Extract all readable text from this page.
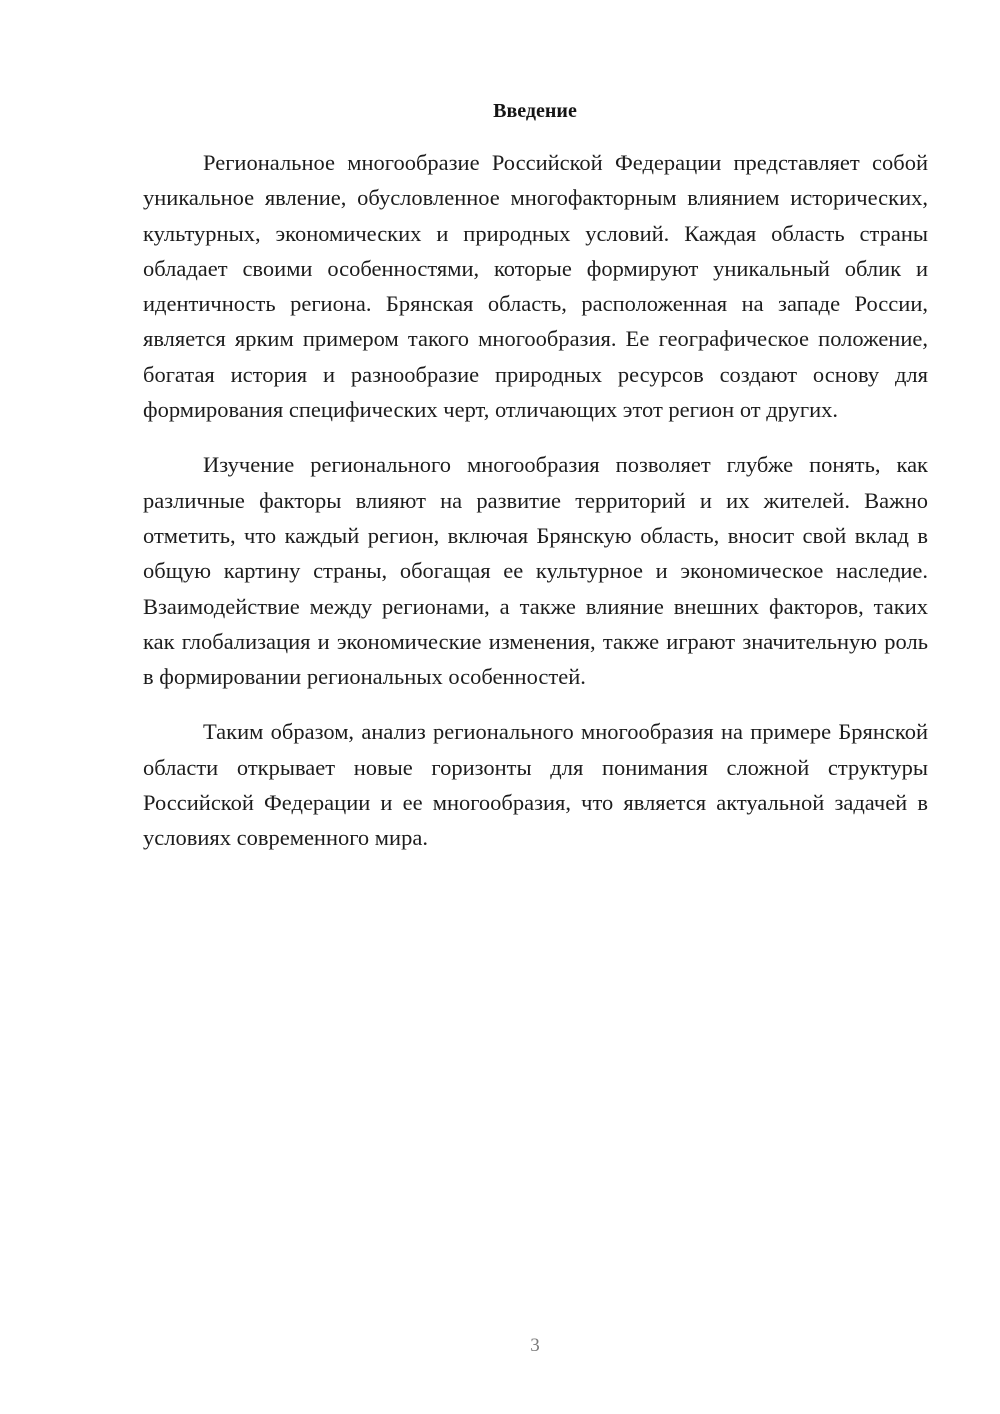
Введение

Региональное многообразие Российской Федерации представляет собой уникальное явление, обусловленное многофакторным влиянием исторических, культурных, экономических и природных условий. Каждая область страны обладает своими особенностями, которые формируют уникальный облик и идентичность региона. Брянская область, расположенная на западе России, является ярким примером такого многообразия. Ее географическое положение, богатая история и разнообразие природных ресурсов создают основу для формирования специфических черт, отличающих этот регион от других.

Изучение регионального многообразия позволяет глубже понять, как различные факторы влияют на развитие территорий и их жителей. Важно отметить, что каждый регион, включая Брянскую область, вносит свой вклад в общую картину страны, обогащая ее культурное и экономическое наследие. Взаимодействие между регионами, а также влияние внешних факторов, таких как глобализация и экономические изменения, также играют значительную роль в формировании региональных особенностей.

Таким образом, анализ регионального многообразия на примере Брянской области открывает новые горизонты для понимания сложной структуры Российской Федерации и ее многообразия, что является актуальной задачей в условиях современного мира.

3
